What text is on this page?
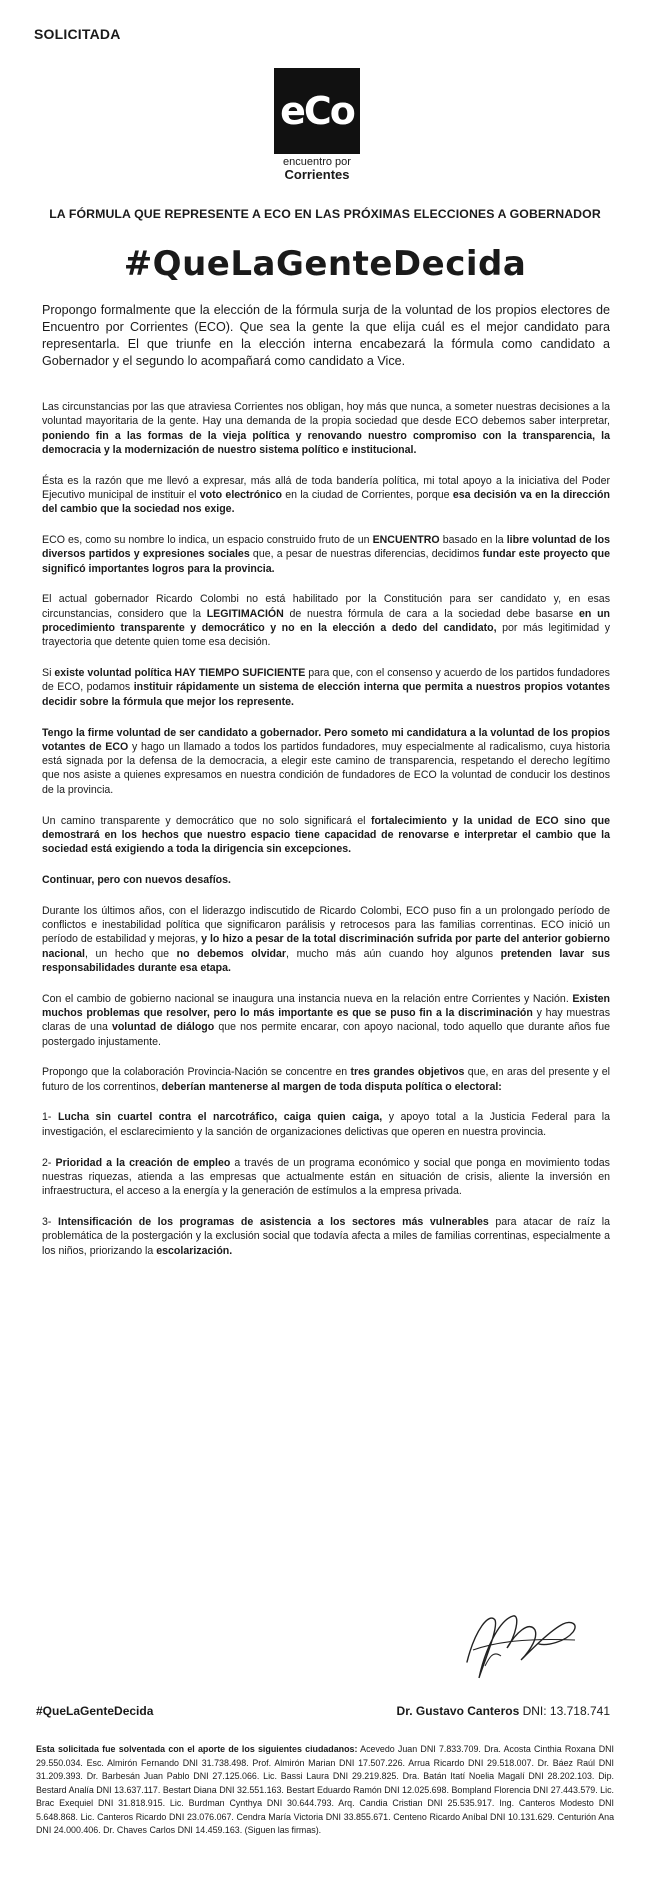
SOLICITADA
eCo
encuentro por
Corrientes
LA FÓRMULA QUE REPRESENTE A ECO EN LAS PRÓXIMAS ELECCIONES A GOBERNADOR
#QueLaGenteDecida
Propongo formalmente que la elección de la fórmula surja de la voluntad de los propios electores de Encuentro por Corrientes (ECO). Que sea la gente la que elija cuál es el mejor candidato para representarla. El que triunfe en la elección interna encabezará la fórmula como candidato a Gobernador y el segundo lo acompañará como candidato a Vice.

Las circunstancias por las que atraviesa Corrientes nos obligan, hoy más que nunca, a someter nuestras decisiones a la voluntad mayoritaria de la gente. Hay una demanda de la propia sociedad que desde ECO debemos saber interpretar, poniendo fin a las formas de la vieja política y renovando nuestro compromiso con la transparencia, la democracia y la modernización de nuestro sistema político e institucional.

Ésta es la razón que me llevó a expresar, más allá de toda bandería política, mi total apoyo a la iniciativa del Poder Ejecutivo municipal de instituir el voto electrónico en la ciudad de Corrientes, porque esa decisión va en la dirección del cambio que la sociedad nos exige.

ECO es, como su nombre lo indica, un espacio construido fruto de un ENCUENTRO basado en la libre voluntad de los diversos partidos y expresiones sociales que, a pesar de nuestras diferencias, decidimos fundar este proyecto que significó importantes logros para la provincia.

El actual gobernador Ricardo Colombi no está habilitado por la Constitución para ser candidato y, en esas circunstancias, considero que la LEGITIMACIÓN de nuestra fórmula de cara a la sociedad debe basarse en un procedimiento transparente y democrático y no en la elección a dedo del candidato, por más legitimidad y trayectoria que detente quien tome esa decisión.

Si existe voluntad política HAY TIEMPO SUFICIENTE para que, con el consenso y acuerdo de los partidos fundadores de ECO, podamos instituir rápidamente un sistema de elección interna que permita a nuestros propios votantes decidir sobre la fórmula que mejor los represente.

Tengo la firme voluntad de ser candidato a gobernador. Pero someto mi candidatura a la voluntad de los propios votantes de ECO y hago un llamado a todos los partidos fundadores, muy especialmente al radicalismo, cuya historia está signada por la defensa de la democracia, a elegir este camino de transparencia, respetando el derecho legítimo que nos asiste a quienes expresamos en nuestra condición de fundadores de ECO la voluntad de conducir los destinos de la provincia.

Un camino transparente y democrático que no solo significará el fortalecimiento y la unidad de ECO sino que demostrará en los hechos que nuestro espacio tiene capacidad de renovarse e interpretar el cambio que la sociedad está exigiendo a toda la dirigencia sin excepciones.

Continuar, pero con nuevos desafíos.

Durante los últimos años, con el liderazgo indiscutido de Ricardo Colombi, ECO puso fin a un prolongado período de conflictos e inestabilidad política que significaron parálisis y retrocesos para las familias correntinas. ECO inició un período de estabilidad y mejoras, y lo hizo a pesar de la total discriminación sufrida por parte del anterior gobierno nacional, un hecho que no debemos olvidar, mucho más aún cuando hoy algunos pretenden lavar sus responsabilidades durante esa etapa.

Con el cambio de gobierno nacional se inaugura una instancia nueva en la relación entre Corrientes y Nación. Existen muchos problemas que resolver, pero lo más importante es que se puso fin a la discriminación y hay muestras claras de una voluntad de diálogo que nos permite encarar, con apoyo nacional, todo aquello que durante años fue postergado injustamente.

Propongo que la colaboración Provincia-Nación se concentre en tres grandes objetivos que, en aras del presente y el futuro de los correntinos, deberían mantenerse al margen de toda disputa política o electoral:

1- Lucha sin cuartel contra el narcotráfico, caiga quien caiga, y apoyo total a la Justicia Federal para la investigación, el esclarecimiento y la sanción de organizaciones delictivas que operen en nuestra provincia.

2- Prioridad a la creación de empleo a través de un programa económico y social que ponga en movimiento todas nuestras riquezas, atienda a las empresas que actualmente están en situación de crisis, aliente la inversión en infraestructura, el acceso a la energía y la generación de estímulos a la empresa privada.

3- Intensificación de los programas de asistencia a los sectores más vulnerables para atacar de raíz la problemática de la postergación y la exclusión social que todavía afecta a miles de familias correntinas, especialmente a los niños, priorizando la escolarización.

#QueLaGenteDecida	Dr. Gustavo Canteros DNI: 13.718.741
Esta solicitada fue solventada con el aporte de los siguientes ciudadanos: Acevedo Juan DNI 7.833.709. Dra. Acosta Cinthia Roxana DNI 29.550.034. Esc. Almirón Fernando DNI 31.738.498. Prof. Almirón Marian DNI 17.507.226. Arrua Ricardo DNI 29.518.007. Dr. Báez Raúl DNI 31.209.393. Dr. Barbesán Juan Pablo DNI 27.125.066. Lic. Bassi Laura DNI 29.219.825. Dra. Batán Itatí Noelia Magalí DNI 28.202.103. Dip. Bestard Analía DNI 13.637.117. Bestart Diana DNI 32.551.163. Bestart Eduardo Ramón DNI 12.025.698. Bompland Florencia DNI 27.443.579. Lic. Brac Exequiel DNI 31.818.915. Lic. Burdman Cynthya DNI 30.644.793. Arq. Candia Cristian DNI 25.535.917. Ing. Canteros Modesto DNI 5.648.868. Lic. Canteros Ricardo DNI 23.076.067. Cendra María Victoria DNI 33.855.671. Centeno Ricardo Aníbal DNI 10.131.629. Centurión Ana DNI 24.000.406. Dr. Chaves Carlos DNI 14.459.163. (Siguen las firmas).
